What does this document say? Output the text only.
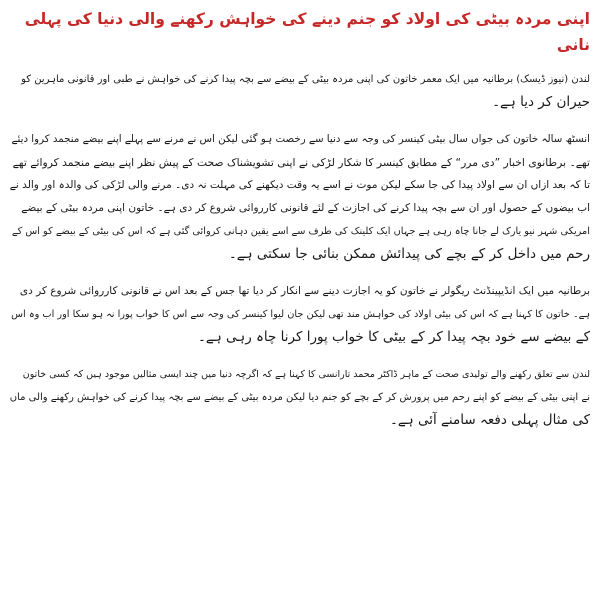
اپنی مردہ بیٹی کی اولاد کو جنم دینے کی خواہش رکھنے والی دنیا کی پہلی نانی

لندن (نیوز ڈیسک) برطانیہ میں ایک معمر خاتون کی اپنی مردہ بیٹی کے بیضے سے بچہ پیدا کرنے کی خواہش نے طبی اور قانونی ماہرین کو
حیران کر دیا ہے۔

انسٹھ سالہ خاتون کی جواں سال بیٹی کینسر کی وجہ سے دنیا سے رخصت ہو گئی لیکن اس نے مرنے سے پہلے اپنے بیضے منجمد کروا دیئے
تھے۔ برطانوی اخبار ”دی مرر“ کے مطابق کینسر کا شکار لڑکی نے اپنی تشویشناک صحت کے پیش نظر اپنے بیضے منجمد کروائے تھے
تا کہ بعد ازاں ان سے اولاد پیدا کی جا سکے لیکن موت نے اسے یہ وقت دیکھنے کی مہلت نہ دی۔ مرنے والی لڑکی کی والدہ اور والد نے
اب بیضوں کے حصول اور ان سے بچہ پیدا کرنے کی اجازت کے لئے قانونی کارروائی شروع کر دی ہے۔ خاتون اپنی مردہ بیٹی کے بیضے
امریکی شہر نیو یارک لے جانا چاہ رہی ہے جہاں ایک کلینک کی طرف سے اسے یقین دہانی کروائی گئی ہے کہ اس کی بیٹی کے بیضے کو اس کے
رحم میں داخل کر کے بچے کی پیدائش ممکن بنائی جا سکتی ہے۔

برطانیہ میں ایک انڈیپینڈنٹ ریگولر نے خاتون کو یہ اجازت دینے سے انکار کر دیا تھا جس کے بعد اس نے قانونی کارروائی شروع کر دی
ہے۔ خاتون کا کہنا ہے کہ اس کی بیٹی اولاد کی خواہش مند تھی لیکن جان لیوا کینسر کی وجہ سے اس کا خواب پورا نہ ہو سکا اور اب وہ اس
کے بیضے سے خود بچہ پیدا کر کے بیٹی کا خواب پورا کرنا چاہ رہی ہے۔

لندن سے تعلق رکھنے والے تولیدی صحت کے ماہر ڈاکٹر محمد تارانسی کا کہنا ہے کہ اگرچہ دنیا میں چند ایسی مثالیں موجود ہیں کہ کسی خاتون
نے اپنی بیٹی کے بیضے کو اپنے رحم میں پرورش کر کے بچے کو جنم دیا لیکن مردہ بیٹی کے بیضے سے بچہ پیدا کرنے کی خواہش رکھنے والی ماں
کی مثال پہلی دفعہ سامنے آئی ہے۔
